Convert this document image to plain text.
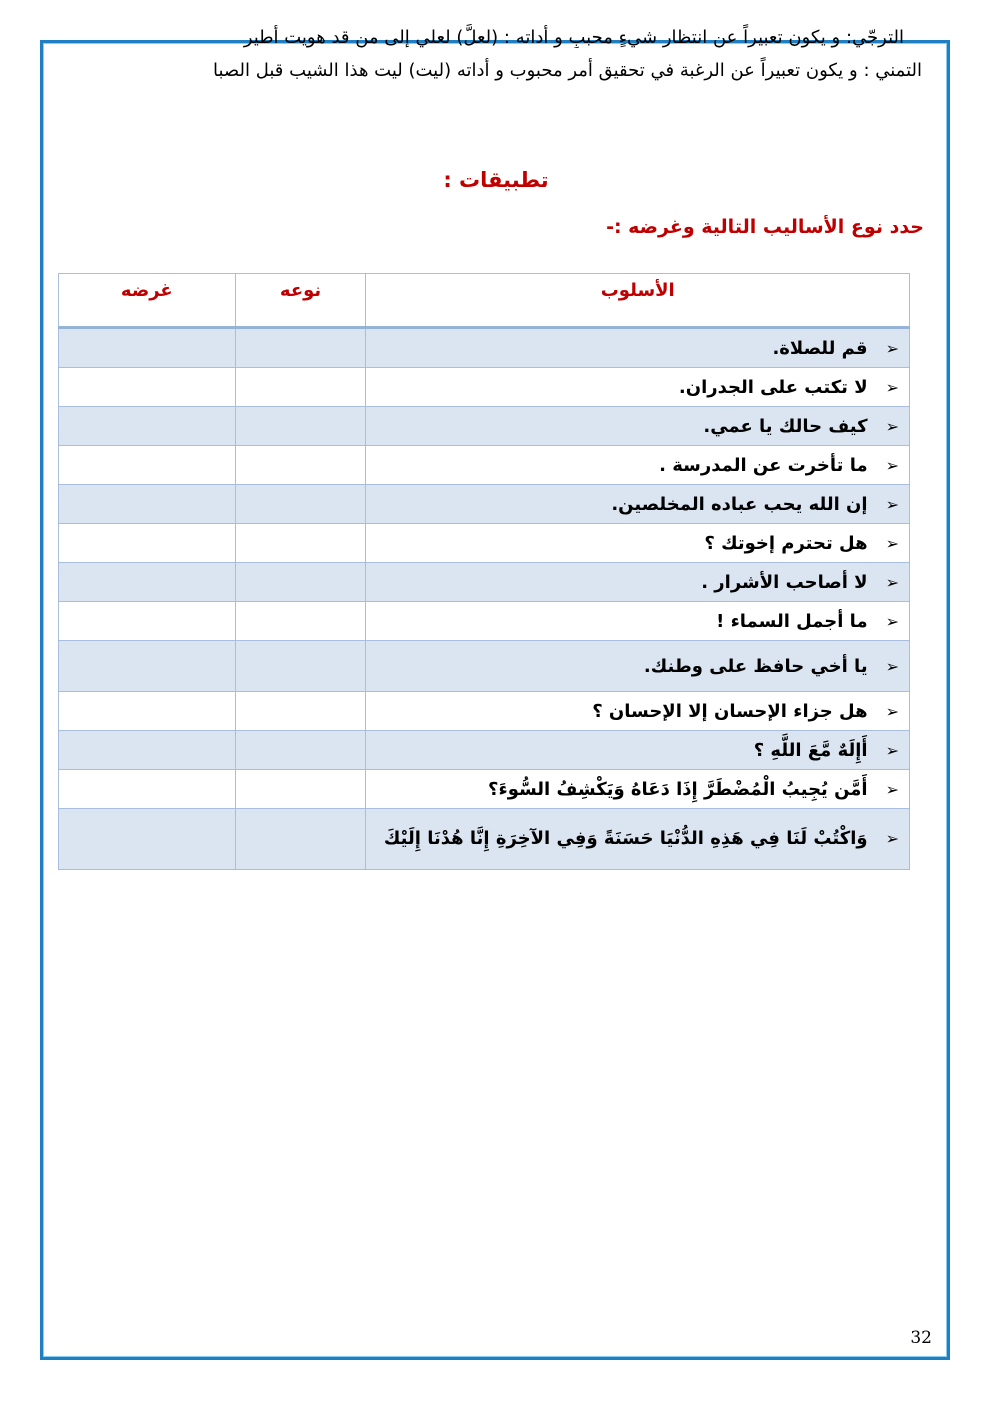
الترجّي: و يكون تعبيراً عن انتظار شيءٍ محببٍ و أداته : (لعلَّ) لعلي إلى من قد هويت أطير
التمني : و يكون تعبيراً عن الرغبة في تحقيق أمر محبوب و أداته (ليت) ليت هذا الشيب قبل الصبا
تطبيقات :
حدد نوع الأساليب التالية وغرضه :-
الأسلوب	نوعه	غرضه
➢قم للصلاة.		
➢لا تكتب على الجدران.		
➢كيف حالك يا عمي.		
➢ما تأخرت عن المدرسة .		
➢إن الله يحب عباده المخلصين.		
➢هل تحترم إخوتك ؟		
➢لا أصاحب الأشرار .		
➢ما أجمل السماء !		
➢يا أخي حافظ على وطنك.		
➢هل جزاء الإحسان إلا الإحسان ؟		
➢أَإِلَهٌ مَّعَ اللَّهِ ؟		
➢أَمَّن يُجِيبُ الْمُضْطَرَّ إِذَا دَعَاهُ وَيَكْشِفُ السُّوءَ؟		
➢وَاكْتُبْ لَنَا فِي هَذِهِ الدُّنْيَا حَسَنَةً وَفِي الآخِرَةِ إِنَّا هُدْنَا إِلَيْكَ		
32
